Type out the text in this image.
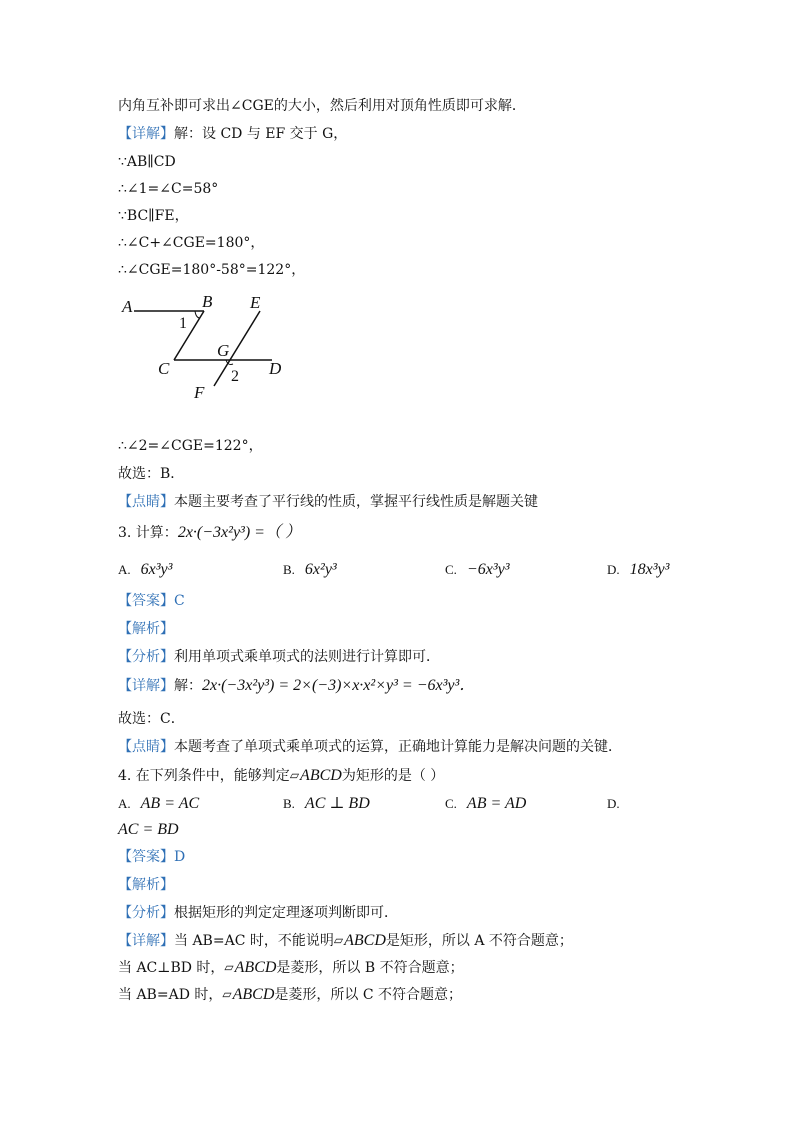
内角互补即可求出∠CGE的大小，然后利用对顶角性质即可求解．
【详解】解：设 CD 与 EF 交于 G，
∵AB∥CD
∴∠1=∠C=58°
∵BC∥FE，
∴∠C+∠CGE=180°，
∴∠CGE=180°-58°=122°，
A	B E
1
G
C	2 D
F
∴∠2=∠CGE=122°，
故选：B．
【点睛】本题主要考查了平行线的性质，掌握平行线性质是解题关键
3. 计算：2x·(−3x²y³) =（ ）
A. 6x³y³	B. 6x²y³	C. −6x³y³	D. 18x³y³
【答案】C
【解析】
【分析】利用单项式乘单项式的法则进行计算即可．
【详解】解：2x·(−3x²y³) = 2×(−3)×x·x²×y³ = −6x³y³．
故选：C．
【点睛】本题考查了单项式乘单项式的运算，正确地计算能力是解决问题的关键．
4. 在下列条件中，能够判定▱ABCD为矩形的是（ ）
A. AB = AC	B. AC ⊥ BD	C. AB = AD	D.
AC = BD
【答案】D
【解析】
【分析】根据矩形的判定定理逐项判断即可．
【详解】当 AB=AC 时，不能说明▱ABCD是矩形，所以 A 不符合题意；
当 AC⊥BD 时，▱ABCD是菱形，所以 B 不符合题意；
当 AB=AD 时，▱ABCD是菱形，所以 C 不符合题意；
